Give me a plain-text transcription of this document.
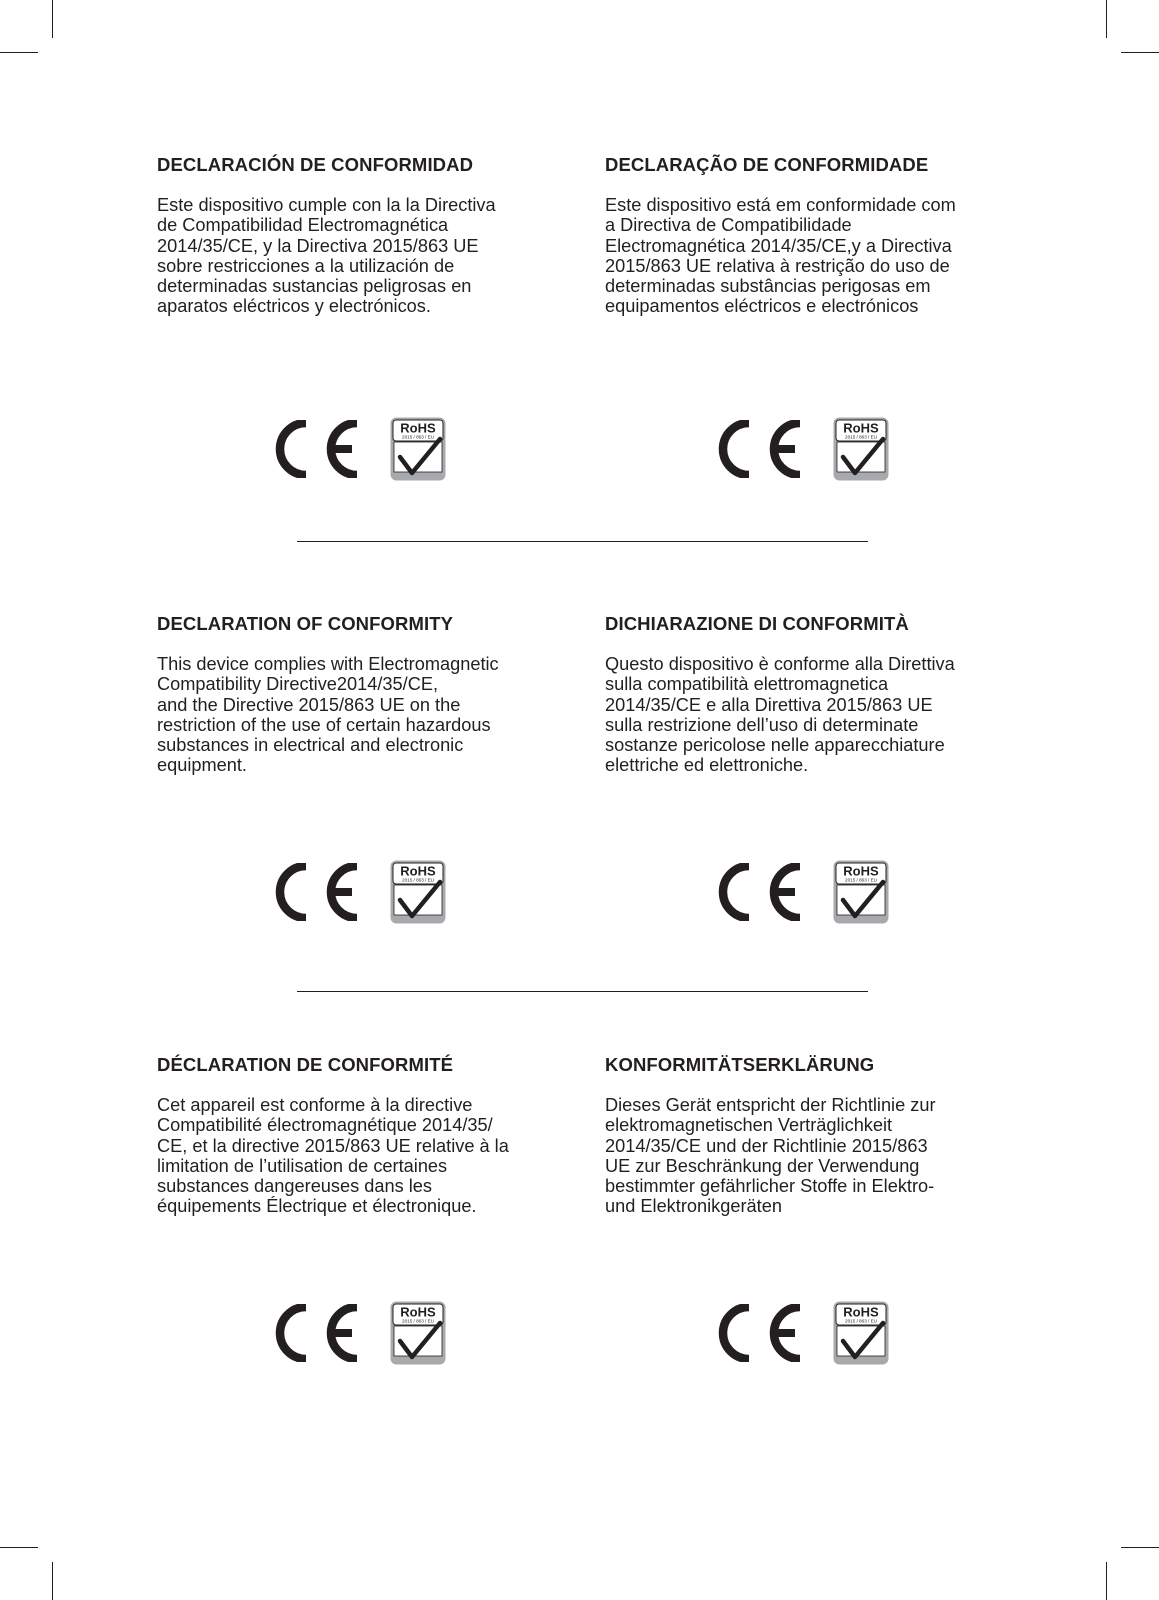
DECLARACIÓN DE CONFORMIDAD

Este dispositivo cumple con la la Directiva
de Compatibilidad Electromagnética
2014/35/CE, y la Directiva 2015/863 UE
sobre restricciones a la utilización de
determinadas sustancias peligrosas en
aparatos eléctricos y electrónicos.

DECLARAÇÃO DE CONFORMIDADE

Este dispositivo está em conformidade com
a Directiva de Compatibilidade
Electromagnética 2014/35/CE,y a Directiva
2015/863 UE relativa à restrição do uso de
determinadas substâncias perigosas em
equipamentos eléctricos e electrónicos

RoHS
2015 / 863 / EU
RoHS
2015 / 863 / EU
DECLARATION OF CONFORMITY

This device complies with Electromagnetic
Compatibility Directive2014/35/CE,
and the Directive 2015/863 UE on the
restriction of the use of certain hazardous
substances in electrical and electronic
equipment.

DICHIARAZIONE DI CONFORMITÀ

Questo dispositivo è conforme alla Direttiva
sulla compatibilità elettromagnetica
2014/35/CE e alla Direttiva 2015/863 UE
sulla restrizione dell’uso di determinate
sostanze pericolose nelle apparecchiature
elettriche ed elettroniche.

RoHS
2015 / 863 / EU
RoHS
2015 / 863 / EU
DÉCLARATION DE CONFORMITÉ

Cet appareil est conforme à la directive
Compatibilité électromagnétique 2014/35/
CE, et la directive 2015/863 UE relative à la
limitation de l’utilisation de certaines
substances dangereuses dans les
équipements Électrique et électronique.

KONFORMITÄTSERKLÄRUNG

Dieses Gerät entspricht der Richtlinie zur
elektromagnetischen Verträglichkeit
2014/35/CE und der Richtlinie 2015/863
UE zur Beschränkung der Verwendung
bestimmter gefährlicher Stoffe in Elektro-
und Elektronikgeräten

RoHS
2015 / 863 / EU
RoHS
2015 / 863 / EU
